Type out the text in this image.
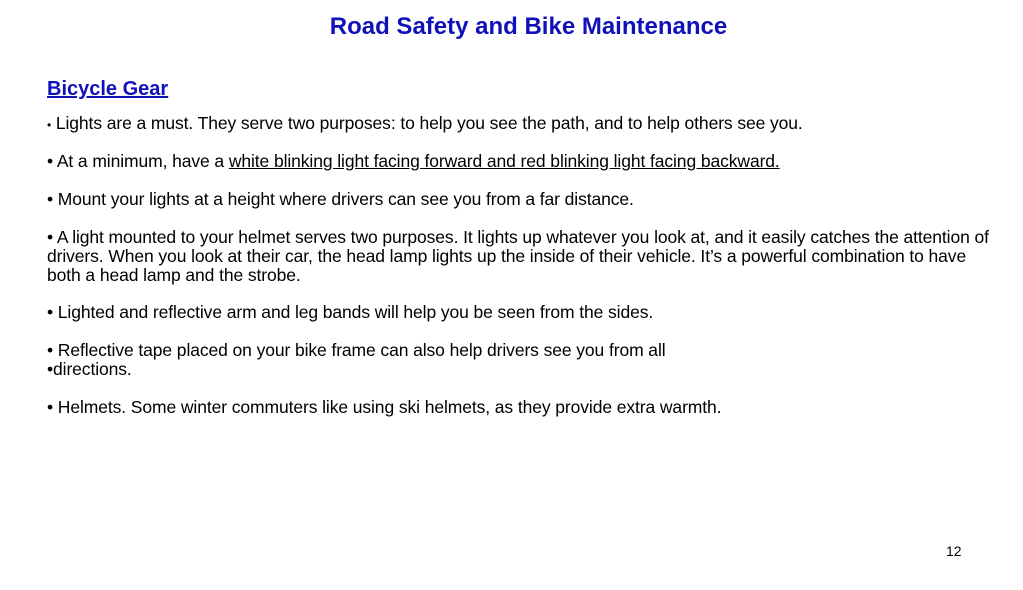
Road Safety and Bike Maintenance
Bicycle Gear
• Lights are a must. They serve two purposes: to help you see the path, and to help others see you.
• At a minimum, have a white blinking light facing forward and red blinking light facing backward.
• Mount your lights at a height where drivers can see you from a far distance.
• A light mounted to your helmet serves two purposes. It lights up whatever you look at, and it easily catches the attention of drivers. When you look at their car, the head lamp lights up the inside of their vehicle. It’s a powerful combination to have both a head lamp and the strobe.
• Lighted and reflective arm and leg bands will help you be seen from the sides.
• Reflective tape placed on your bike frame can also help drivers see you from all
•directions.
• Helmets. Some winter commuters like using ski helmets, as they provide extra warmth.
12
